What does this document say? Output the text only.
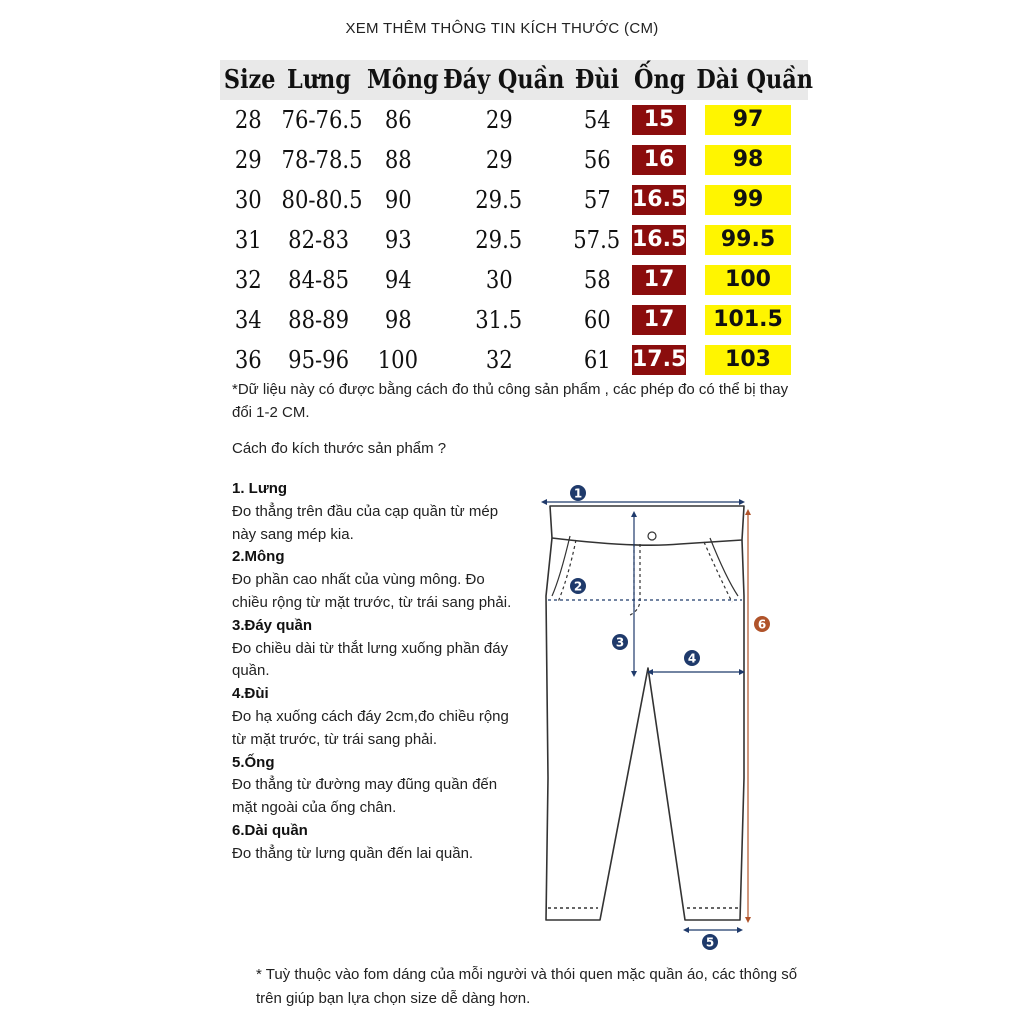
XEM THÊM THÔNG TIN KÍCH THƯỚC (CM)
Size	Lưng	Mông	Đáy Quần	Đùi	Ống	Dài Quần
28	76-76.5	86	29	54	15	97
29	78-78.5	88	29	56	16	98
30	80-80.5	90	29.5	57	16.5	99
31	82-83	93	29.5	57.5	16.5	99.5
32	84-85	94	30	58	17	100
34	88-89	98	31.5	60	17	101.5
36	95-96	100	32	61	17.5	103
*Dữ liệu này có được bằng cách đo thủ công sản phẩm , các phép đo có thể bị thay đổi 1-2 CM.
Cách đo kích thước sản phẩm ?
1. Lưng
Đo thẳng trên đầu của cạp quần từ mép này sang mép kia.
2.Mông
Đo phần cao nhất của vùng mông. Đo chiều rộng từ mặt trước, từ trái sang phải.
3.Đáy quần
Đo chiều dài từ thắt lưng xuống phần đáy quần.
4.Đùi
Đo hạ xuống cách đáy 2cm,đo chiều rộng từ mặt trước, từ trái sang phải.
5.Ống
Đo thẳng từ đường may đũng quần đến mặt ngoài của ống chân.
6.Dài quần
Đo thẳng từ lưng quần đến lai quần.
1
2
3
4
5
6
* Tuỳ thuộc vào fom dáng của mỗi người và thói quen mặc quần áo, các thông số trên giúp bạn lựa chọn size dễ dàng hơn.
